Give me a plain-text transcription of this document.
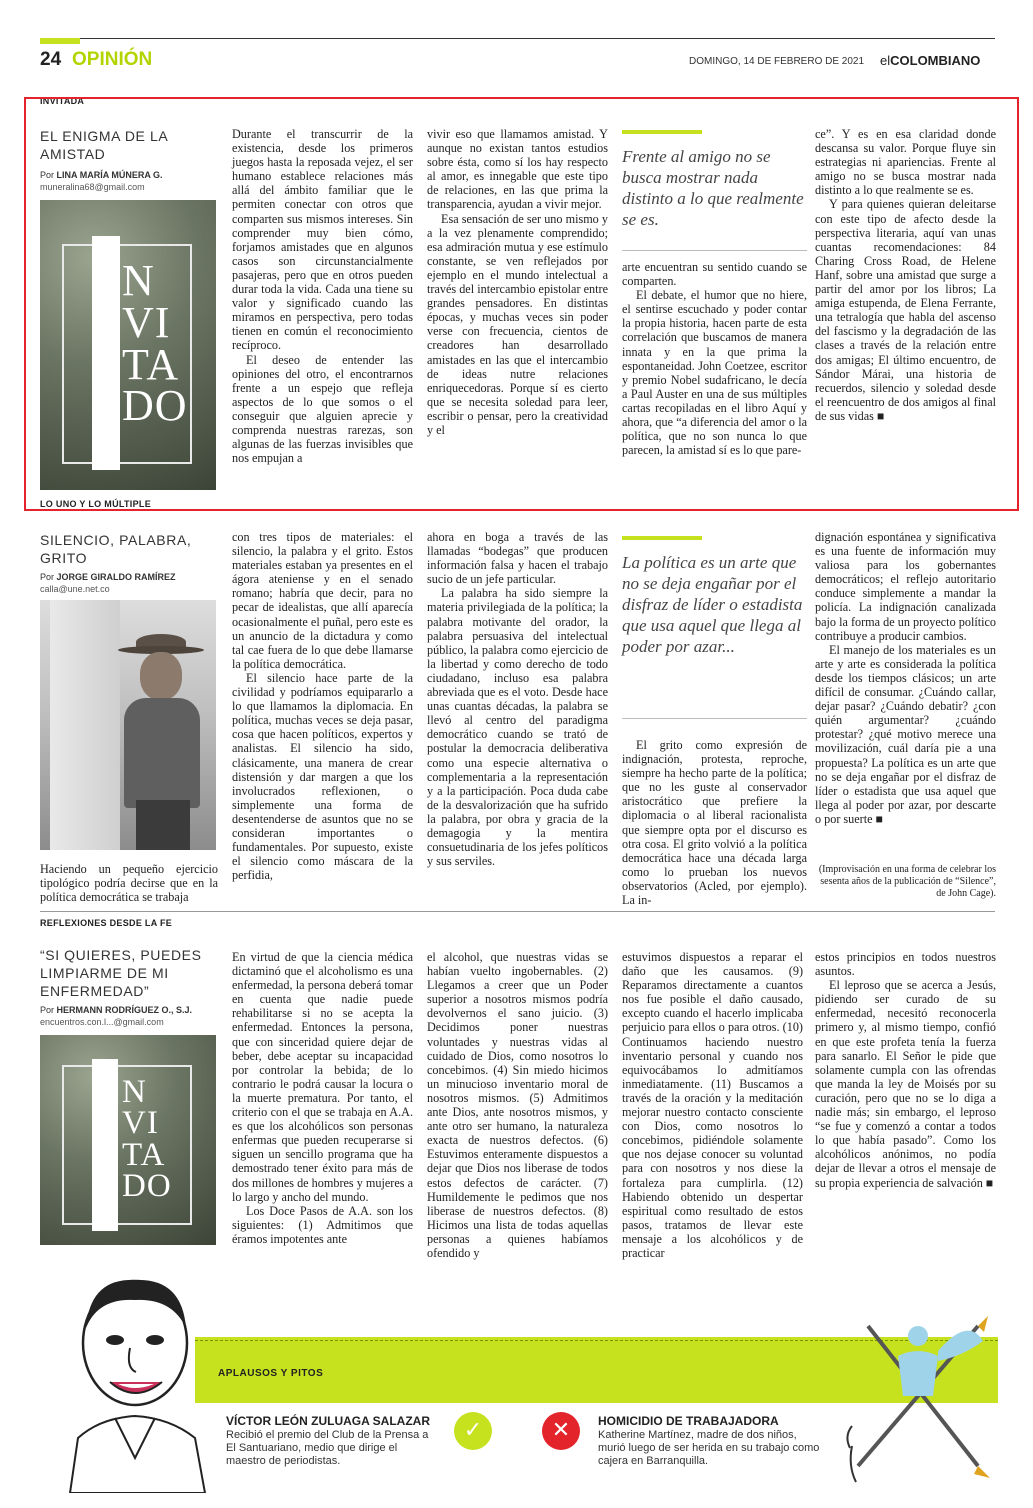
24 OPINIÓN	DOMINGO, 14 DE FEBRERO DE 2021 elCOLOMBIANO
INVITADA
EL ENIGMA DE LA AMISTAD
Por LINA MARÍA MÚNERA G.
muneralina68@gmail.com
N
VI
TA
DO

Durante el transcurrir de la existencia, desde los primeros juegos hasta la reposada vejez, el ser humano establece relaciones más allá del ámbito familiar que le permiten conectar con otros que comparten sus mismos intereses. Sin comprender muy bien cómo, forjamos amistades que en algunos casos son circunstancialmente pasajeras, pero que en otros pueden durar toda la vida. Cada una tiene su valor y significado cuando las miramos en perspectiva, pero todas tienen en común el reconocimiento recíproco.

El deseo de entender las opiniones del otro, el encontrarnos frente a un espejo que refleja aspectos de lo que somos o el conseguir que alguien aprecie y comprenda nuestras rarezas, son algunas de las fuerzas invisibles que nos empujan a

vivir eso que llamamos amistad. Y aunque no existan tantos estudios sobre ésta, como sí los hay respecto al amor, es innegable que este tipo de relaciones, en las que prima la transparencia, ayudan a vivir mejor.

Esa sensación de ser uno mismo y a la vez plenamente comprendido; esa admiración mutua y ese estímulo constante, se ven reflejados por ejemplo en el mundo intelectual a través del intercambio epistolar entre grandes pensadores. En distintas épocas, y muchas veces sin poder verse con frecuencia, cientos de creadores han desarrollado amistades en las que el intercambio de ideas nutre relaciones enriquecedoras. Porque sí es cierto que se necesita soledad para leer, escribir o pensar, pero la creatividad y el

Frente al amigo no se busca mostrar nada distinto a lo que realmente se es.

arte encuentran su sentido cuando se comparten.

El debate, el humor que no hiere, el sentirse escuchado y poder contar la propia historia, hacen parte de esta correlación que buscamos de manera innata y en la que prima la espontaneidad. John Coetzee, escritor y premio Nobel sudafricano, le decía a Paul Auster en una de sus múltiples cartas recopiladas en el libro Aquí y ahora, que “a diferencia del amor o la política, que no son nunca lo que parecen, la amistad sí es lo que pare-

ce”. Y es en esa claridad donde descansa su valor. Porque fluye sin estrategias ni apariencias. Frente al amigo no se busca mostrar nada distinto a lo que realmente se es.

Y para quienes quieran deleitarse con este tipo de afecto desde la perspectiva literaria, aquí van unas cuantas recomendaciones: 84 Charing Cross Road, de Helene Hanf, sobre una amistad que surge a partir del amor por los libros; La amiga estupenda, de Elena Ferrante, una tetralogía que habla del ascenso del fascismo y la degradación de las clases a través de la relación entre dos amigas; El último encuentro, de Sándor Márai, una historia de recuerdos, silencio y soledad desde el reencuentro de dos amigos al final de sus vidas ■

LO UNO Y LO MÚLTIPLE
SILENCIO, PALABRA, GRITO
Por JORGE GIRALDO RAMÍREZ
calla@une.net.co

Haciendo un pequeño ejercicio tipológico podría decirse que en la política democrática se trabaja

con tres tipos de materiales: el silencio, la palabra y el grito. Estos materiales estaban ya presentes en el ágora ateniense y en el senado romano; habría que decir, para no pecar de idealistas, que allí aparecía ocasionalmente el puñal, pero este es un anuncio de la dictadura y como tal cae fuera de lo que debe llamarse la política democrática.

El silencio hace parte de la civilidad y podríamos equipararlo a lo que llamamos la diplomacia. En política, muchas veces se deja pasar, cosa que hacen políticos, expertos y analistas. El silencio ha sido, clásicamente, una manera de crear distensión y dar margen a que los involucrados reflexionen, o simplemente una forma de desentenderse de asuntos que no se consideran importantes o fundamentales. Por supuesto, existe el silencio como máscara de la perfidia,

ahora en boga a través de las llamadas “bodegas” que producen información falsa y hacen el trabajo sucio de un jefe particular.

La palabra ha sido siempre la materia privilegiada de la política; la palabra motivante del orador, la palabra persuasiva del intelectual público, la palabra como ejercicio de la libertad y como derecho de todo ciudadano, incluso esa palabra abreviada que es el voto. Desde hace unas cuantas décadas, la palabra se llevó al centro del paradigma democrático cuando se trató de postular la democracia deliberativa como una especie alternativa o complementaria a la representación y a la participación. Poca duda cabe de la desvalorización que ha sufrido la palabra, por obra y gracia de la demagogia y la mentira consuetudinaria de los jefes políticos y sus serviles.

La política es un arte que no se deja engañar por el disfraz de líder o estadista que usa aquel que llega al poder por azar...

El grito como expresión de indignación, protesta, reproche, siempre ha hecho parte de la política; que no les guste al conservador aristocrático que prefiere la diplomacia o al liberal racionalista que siempre opta por el discurso es otra cosa. El grito volvió a la política democrática hace una década larga como lo prueban los nuevos observatorios (Acled, por ejemplo). La in-

dignación espontánea y significativa es una fuente de información muy valiosa para los gobernantes democráticos; el reflejo autoritario conduce simplemente a mandar la policía. La indignación canalizada bajo la forma de un proyecto político contribuye a producir cambios.

El manejo de los materiales es un arte y arte es considerada la política desde los tiempos clásicos; un arte difícil de consumar. ¿Cuándo callar, dejar pasar? ¿Cuándo debatir? ¿con quién argumentar? ¿cuándo protestar? ¿qué motivo merece una movilización, cuál daría pie a una propuesta? La política es un arte que no se deja engañar por el disfraz de líder o estadista que usa aquel que llega al poder por azar, por descarte o por suerte ■

(Improvisación en una forma de celebrar los sesenta años de la publicación de “Silence”, de John Cage).

REFLEXIONES DESDE LA FE
“SI QUIERES, PUEDES LIMPIARME DE MI ENFERMEDAD”
Por HERMANN RODRÍGUEZ O., S.J.
encuentros.con.l...@gmail.com
N
VI
TA
DO

En virtud de que la ciencia médica dictaminó que el alcoholismo es una enfermedad, la persona deberá tomar en cuenta que nadie puede rehabilitarse si no se acepta la enfermedad. Entonces la persona, que con sinceridad quiere dejar de beber, debe aceptar su incapacidad por controlar la bebida; de lo contrario le podrá causar la locura o la muerte prematura. Por tanto, el criterio con el que se trabaja en A.A. es que los alcohólicos son personas enfermas que pueden recuperarse si siguen un sencillo programa que ha demostrado tener éxito para más de dos millones de hombres y mujeres a lo largo y ancho del mundo.

Los Doce Pasos de A.A. son los siguientes: (1) Admitimos que éramos impotentes ante

el alcohol, que nuestras vidas se habían vuelto ingobernables. (2) Llegamos a creer que un Poder superior a nosotros mismos podría devolvernos el sano juicio. (3) Decidimos poner nuestras voluntades y nuestras vidas al cuidado de Dios, como nosotros lo concebimos. (4) Sin miedo hicimos un minucioso inventario moral de nosotros mismos. (5) Admitimos ante Dios, ante nosotros mismos, y ante otro ser humano, la naturaleza exacta de nuestros defectos. (6) Estuvimos enteramente dispuestos a dejar que Dios nos liberase de todos estos defectos de carácter. (7) Humildemente le pedimos que nos liberase de nuestros defectos. (8) Hicimos una lista de todas aquellas personas a quienes habíamos ofendido y

estuvimos dispuestos a reparar el daño que les causamos. (9) Reparamos directamente a cuantos nos fue posible el daño causado, excepto cuando el hacerlo implicaba perjuicio para ellos o para otros. (10) Continuamos haciendo nuestro inventario personal y cuando nos equivocábamos lo admitíamos inmediatamente. (11) Buscamos a través de la oración y la meditación mejorar nuestro contacto consciente con Dios, como nosotros lo concebimos, pidiéndole solamente que nos dejase conocer su voluntad para con nosotros y nos diese la fortaleza para cumplirla. (12) Habiendo obtenido un despertar espiritual como resultado de estos pasos, tratamos de llevar este mensaje a los alcohólicos y de practicar

estos principios en todos nuestros asuntos.

El leproso que se acerca a Jesús, pidiendo ser curado de su enfermedad, necesitó reconocerla primero y, al mismo tiempo, confió en que este profeta tenía la fuerza para sanarlo. El Señor le pide que solamente cumpla con las ofrendas que manda la ley de Moisés por su curación, pero que no se lo diga a nadie más; sin embargo, el leproso “se fue y comenzó a contar a todos lo que había pasado”. Como los alcohólicos anónimos, no podía dejar de llevar a otros el mensaje de su propia experiencia de salvación ■

APLAUSOS Y PITOS
VÍCTOR LEÓN ZULUAGA SALAZAR
Recibió el premio del Club de la Prensa a El Santuariano, medio que dirige el maestro de periodistas.
✓	✕	HOMICIDIO DE TRABAJADORA
Katherine Martínez, madre de dos niños, murió luego de ser herida en su trabajo como cajera en Barranquilla.
